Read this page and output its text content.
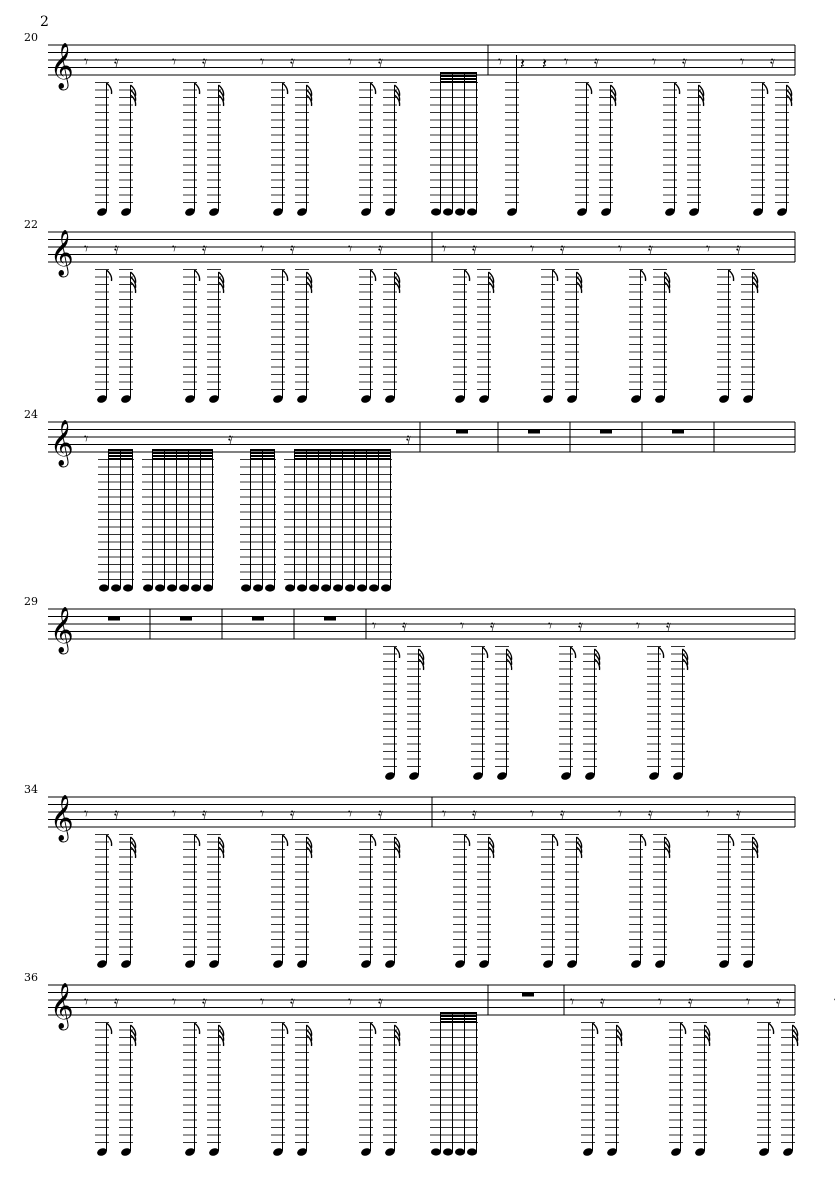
2
𝄞
20
𝄾 𝄿	𝄾 𝄿	𝄾 𝄿	𝄾 𝄿	𝄾 𝄽 𝄽 𝄾 𝄿	𝄾 𝄿	𝄾 𝄿
𝄞
22
𝄾 𝄿	𝄾 𝄿	𝄾 𝄿	𝄾 𝄿	𝄾 𝄿	𝄾 𝄿	𝄾 𝄿	𝄾 𝄿
𝄞
24
𝄾	𝄿	𝄿
𝄞
29
𝄾 𝄿	𝄾 𝄿	𝄾 𝄿	𝄾 𝄿
𝄞
34
𝄾 𝄿	𝄾 𝄿	𝄾 𝄿	𝄾 𝄿	𝄾 𝄿	𝄾 𝄿	𝄾 𝄿	𝄾 𝄿
𝄞
36
𝄾 𝄿	𝄾 𝄿	𝄾 𝄿	𝄾 𝄿	𝄾 𝄿	𝄾 𝄿	𝄾 𝄿
